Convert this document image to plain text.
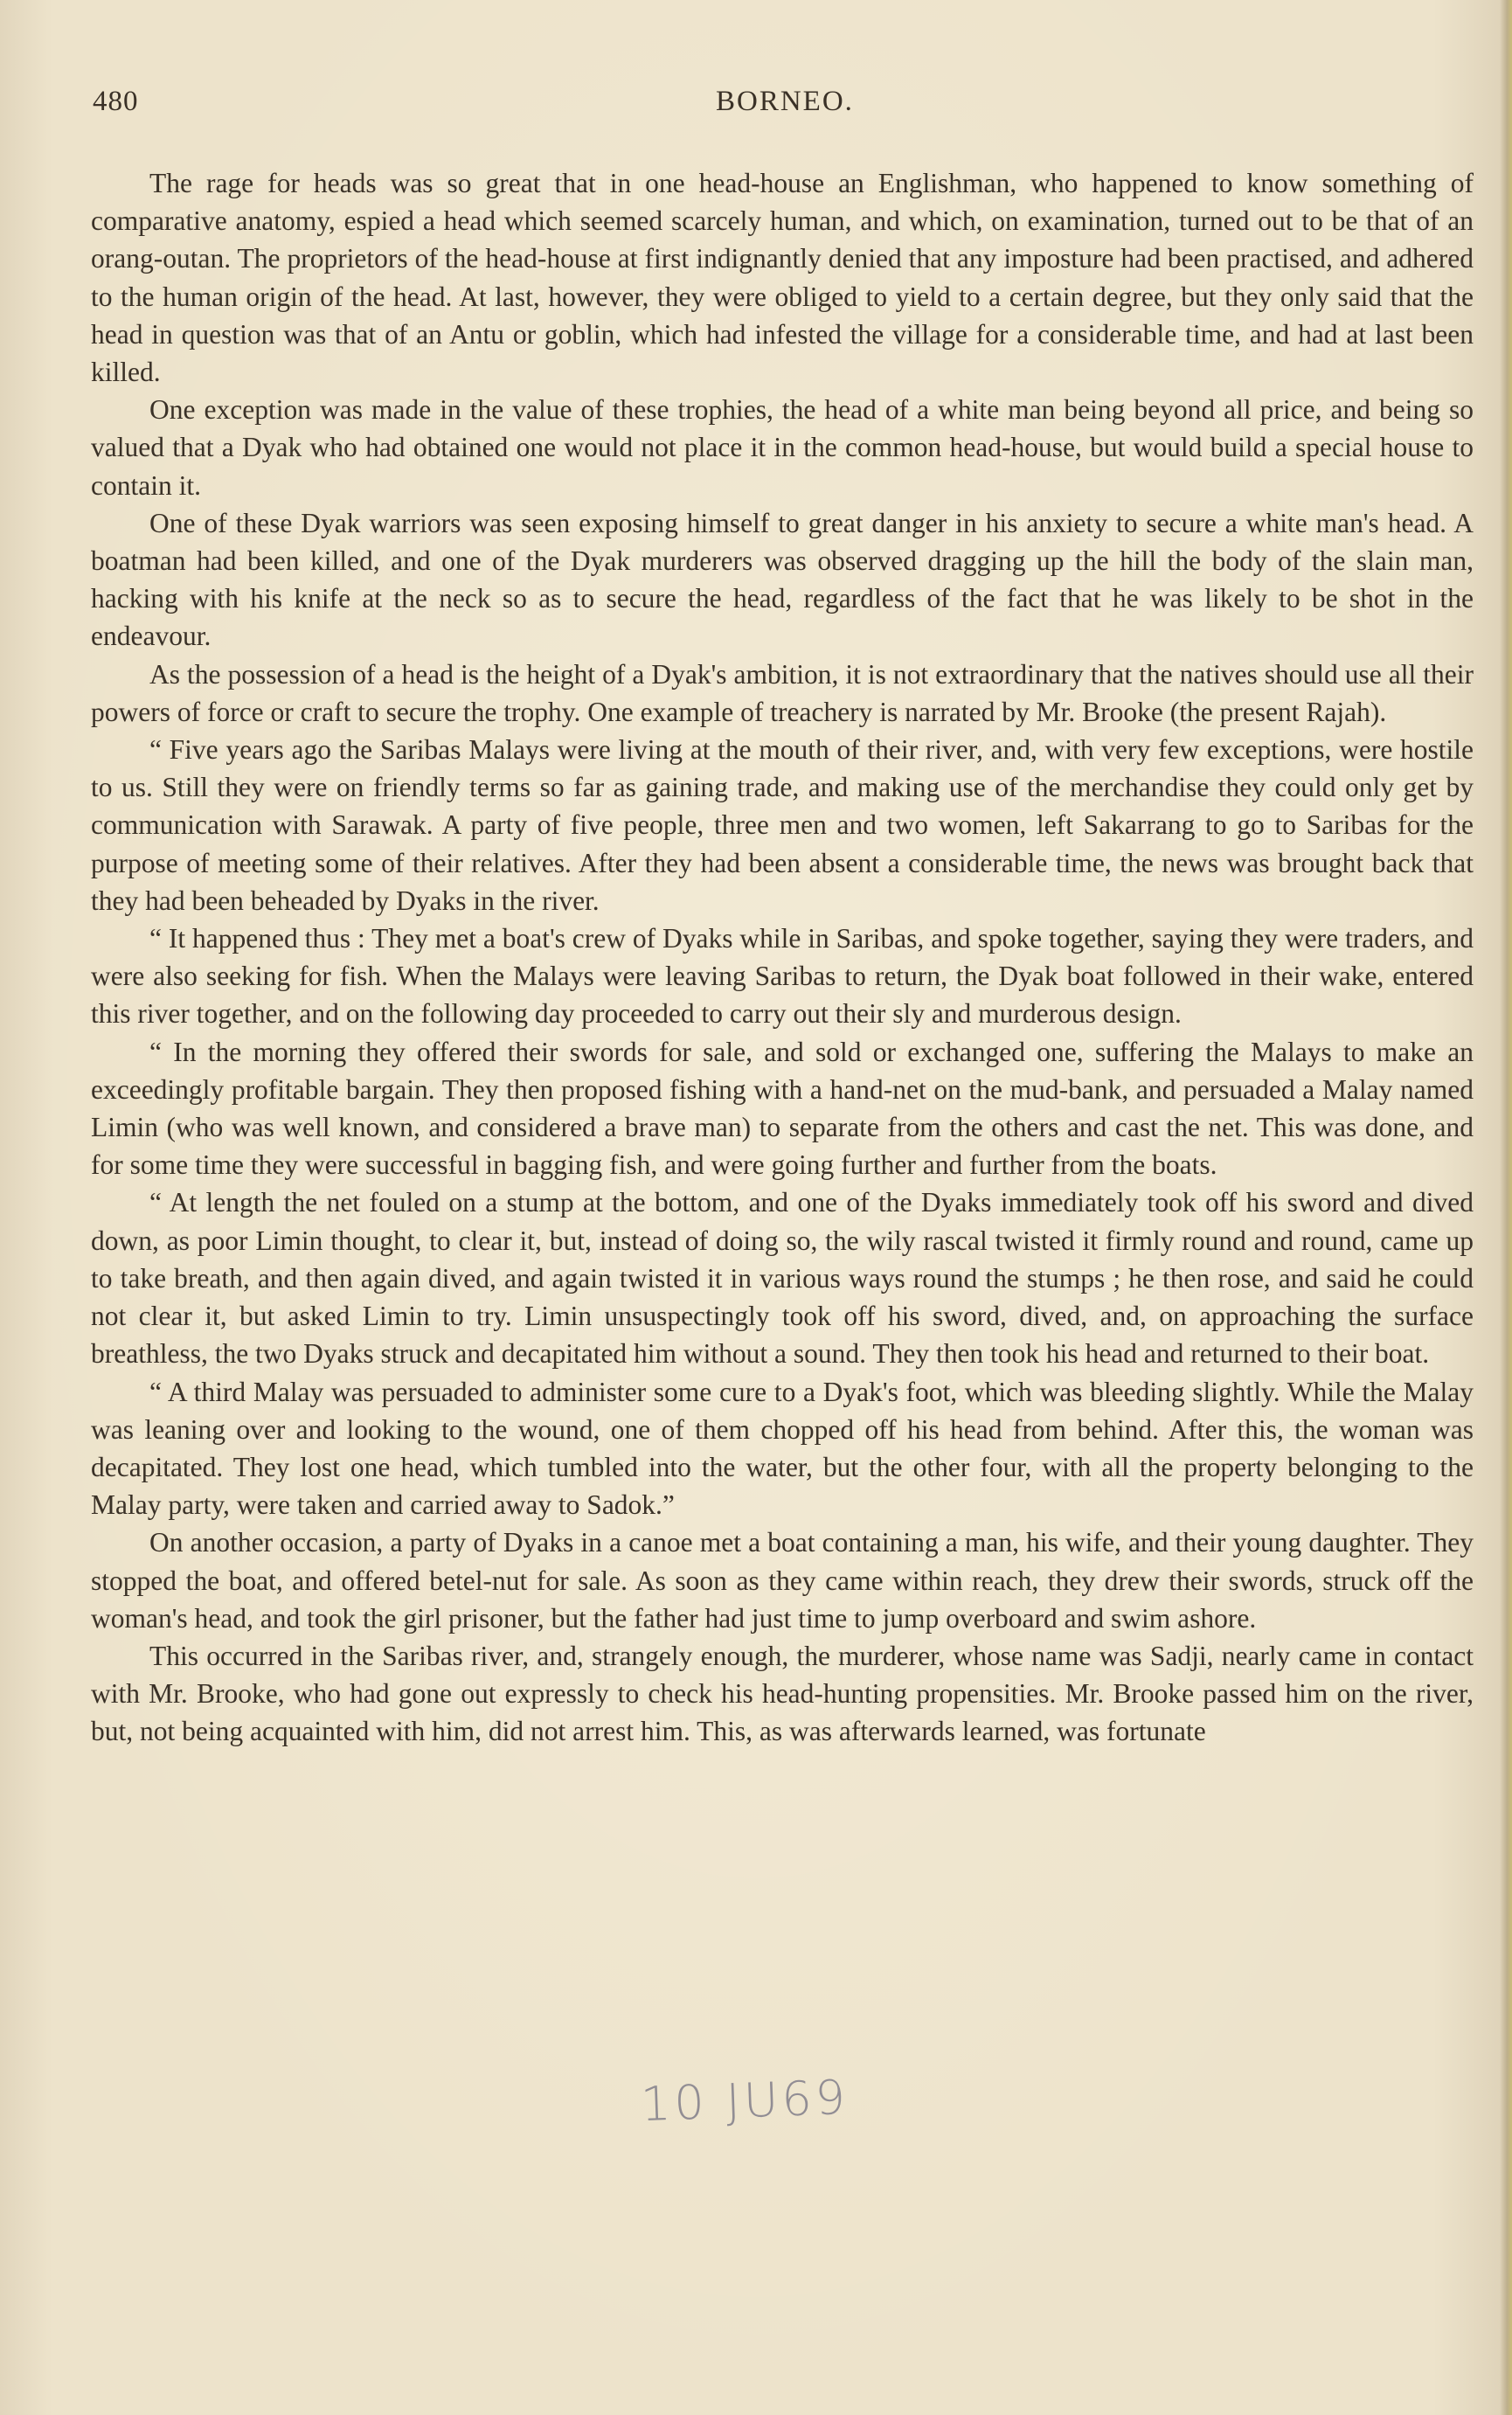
480	BORNEO.

The rage for heads was so great that in one head-house an Englishman, who happened to know something of comparative anatomy, espied a head which seemed scarcely human, and which, on examination, turned out to be that of an orang-outan. The proprietors of the head-house at first indignantly denied that any imposture had been practised, and adhered to the human origin of the head. At last, however, they were obliged to yield to a certain degree, but they only said that the head in question was that of an Antu or goblin, which had infested the village for a considerable time, and had at last been killed.

One exception was made in the value of these trophies, the head of a white man being beyond all price, and being so valued that a Dyak who had obtained one would not place it in the common head-house, but would build a special house to contain it.

One of these Dyak warriors was seen exposing himself to great danger in his anxiety to secure a white man's head. A boatman had been killed, and one of the Dyak murderers was observed dragging up the hill the body of the slain man, hacking with his knife at the neck so as to secure the head, regardless of the fact that he was likely to be shot in the endeavour.

As the possession of a head is the height of a Dyak's ambition, it is not extraordinary that the natives should use all their powers of force or craft to secure the trophy. One example of treachery is narrated by Mr. Brooke (the present Rajah).

“ Five years ago the Saribas Malays were living at the mouth of their river, and, with very few exceptions, were hostile to us. Still they were on friendly terms so far as gaining trade, and making use of the merchandise they could only get by communication with Sarawak. A party of five people, three men and two women, left Sakarrang to go to Saribas for the purpose of meeting some of their relatives. After they had been absent a considerable time, the news was brought back that they had been beheaded by Dyaks in the river.

“ It happened thus : They met a boat's crew of Dyaks while in Saribas, and spoke together, saying they were traders, and were also seeking for fish. When the Malays were leaving Saribas to return, the Dyak boat followed in their wake, entered this river together, and on the following day proceeded to carry out their sly and murderous design.

“ In the morning they offered their swords for sale, and sold or exchanged one, suffering the Malays to make an exceedingly profitable bargain. They then proposed fishing with a hand-net on the mud-bank, and persuaded a Malay named Limin (who was well known, and considered a brave man) to separate from the others and cast the net. This was done, and for some time they were successful in bagging fish, and were going further and further from the boats.

“ At length the net fouled on a stump at the bottom, and one of the Dyaks immediately took off his sword and dived down, as poor Limin thought, to clear it, but, instead of doing so, the wily rascal twisted it firmly round and round, came up to take breath, and then again dived, and again twisted it in various ways round the stumps ; he then rose, and said he could not clear it, but asked Limin to try. Limin unsuspectingly took off his sword, dived, and, on approaching the surface breathless, the two Dyaks struck and decapitated him without a sound. They then took his head and returned to their boat.

“ A third Malay was persuaded to administer some cure to a Dyak's foot, which was bleeding slightly. While the Malay was leaning over and looking to the wound, one of them chopped off his head from behind. After this, the woman was decapitated. They lost one head, which tumbled into the water, but the other four, with all the property belonging to the Malay party, were taken and carried away to Sadok.”

On another occasion, a party of Dyaks in a canoe met a boat containing a man, his wife, and their young daughter. They stopped the boat, and offered betel-nut for sale. As soon as they came within reach, they drew their swords, struck off the woman's head, and took the girl prisoner, but the father had just time to jump overboard and swim ashore.

This occurred in the Saribas river, and, strangely enough, the murderer, whose name was Sadji, nearly came in contact with Mr. Brooke, who had gone out expressly to check his head-hunting propensities. Mr. Brooke passed him on the river, but, not being acquainted with him, did not arrest him. This, as was afterwards learned, was fortunate

10 JU69
